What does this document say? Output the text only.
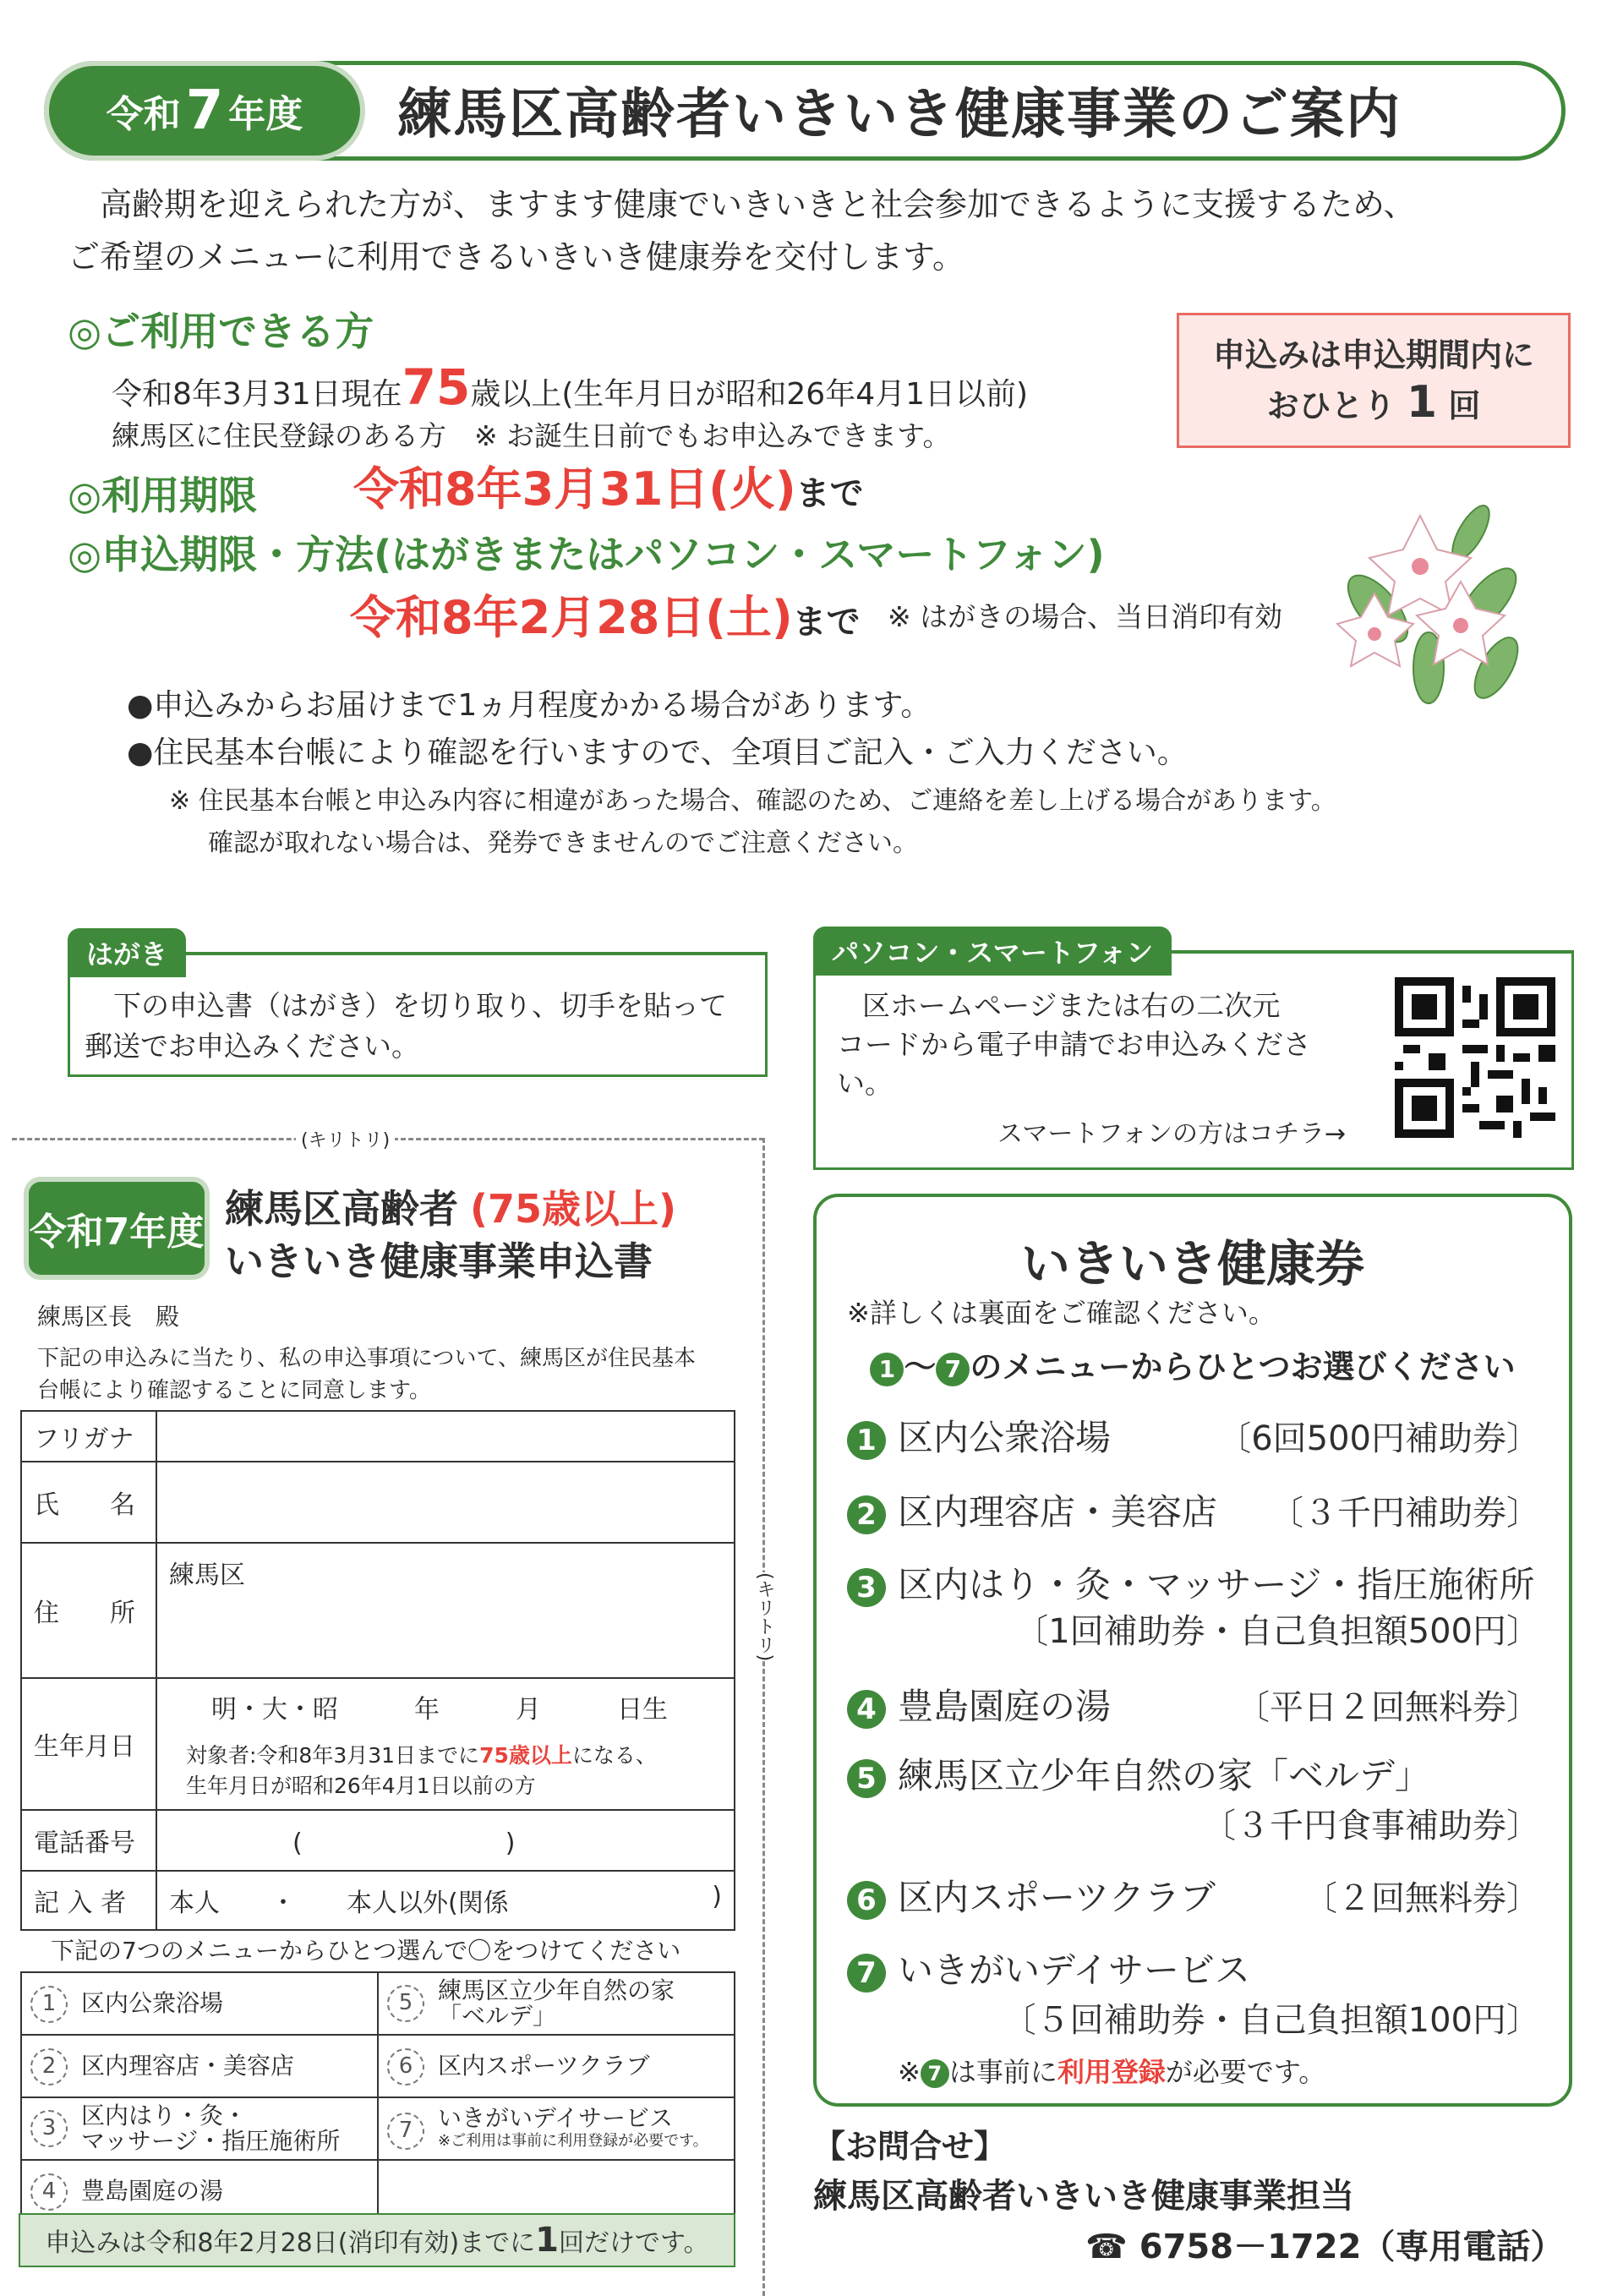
令和 7 年度 練馬区高齢者いきいき健康事業のご案内
高齢期を迎えられた方が、ますます健康でいきいきと社会参加できるように支援するため、
ご希望のメニューに利用できるいきいき健康券を交付します。
◎ご利用できる方
令和8年3月31日現在75歳以上(生年月日が昭和26年4月1日以前)
練馬区に住民登録のある方　※ お誕生日前でもお申込みできます。
申込みは申込期間内に
おひとり 1 回
◎利用期限 令和8年3月31日(火)まで
◎申込期限・方法(はがきまたはパソコン・スマートフォン)
令和8年2月28日(土)まで ※ はがきの場合、当日消印有効
●申込みからお届けまで1ヵ月程度かかる場合があります。
●住民基本台帳により確認を行いますので、全項目ご記入・ご入力ください。
※ 住民基本台帳と申込み内容に相違があった場合、確認のため、ご連絡を差し上げる場合があります。
確認が取れない場合は、発券できませんのでご注意ください。
はがき
下の申込書（はがき）を切り取り、切手を貼って
郵送でお申込みください。
パソコン・スマートフォン
区ホームページまたは右の二次元
コードから電子申請でお申込みくださ
い。
スマートフォンの方はコチラ→
(キリトリ)
(キリトリ)
令和7年度
練馬区高齢者 (75歳以上)
いきいき健康事業申込書
練馬区長　殿
下記の申込みに当たり、私の申込事項について、練馬区が住民基本
台帳により確認することに同意します。
フリガナ	
氏　　名	
住　　所	練馬区
生年月日	明・大・昭　　　年　　　月　　　日生
対象者:令和8年3月31日までに75歳以上になる、
生年月日が昭和26年4月1日以前の方

電話番号	(　　　　　　　　)
記 入 者	本人　　・　　本人以外(関係 )
下記の7つのメニューからひとつ選んで〇をつけてください
1 区内公衆浴場	5 練馬区立少年自然の家
「ベルデ」

2 区内理容店・美容店	6 区内スポーツクラブ

3 区内はり・灸・
マッサージ・指圧施術所	7 いきがいデイサービス
※ご利用は事前に利用登録が必要です。

4 豊島園庭の湯	
申込みは令和8年2月28日(消印有効)までに 1 回だけです。
いきいき健康券
※詳しくは裏面をご確認ください。
1 ～ 7 のメニューからひとつお選びください
1 区内公衆浴場	〔6回500円補助券〕
2 区内理容店・美容店 〔３千円補助券〕
3 区内はり・灸・マッサージ・指圧施術所
〔1回補助券・自己負担額500円〕
4 豊島園庭の湯	〔平日２回無料券〕
5 練馬区立少年自然の家「ベルデ」
〔３千円食事補助券〕
6 区内スポーツクラブ	〔２回無料券〕
7 いきがいデイサービス
〔５回補助券・自己負担額100円〕
※ 7 は事前に利用登録が必要です。
【お問合せ】
練馬区高齢者いきいき健康事業担当
☎ 6758－1722（専用電話）
